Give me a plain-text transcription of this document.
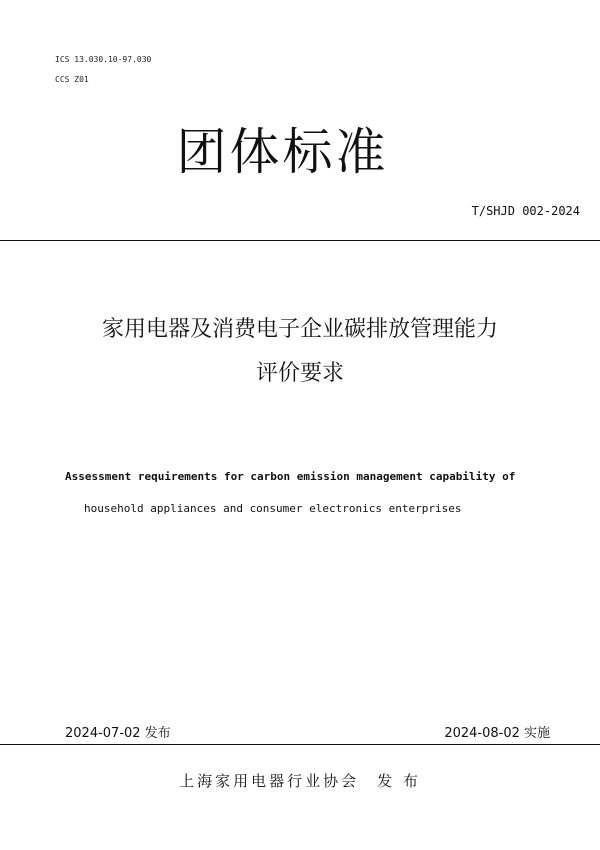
ICS 13.030.10-97.030
CCS Z01
团体标准
T/SHJD 002-2024
家用电器及消费电子企业碳排放管理能力
评价要求
Assessment requirements for carbon emission management capability of
household appliances and consumer electronics enterprises
2024-07-02 发布	2024-08-02 实施
上海家用电器行业协会 发 布
